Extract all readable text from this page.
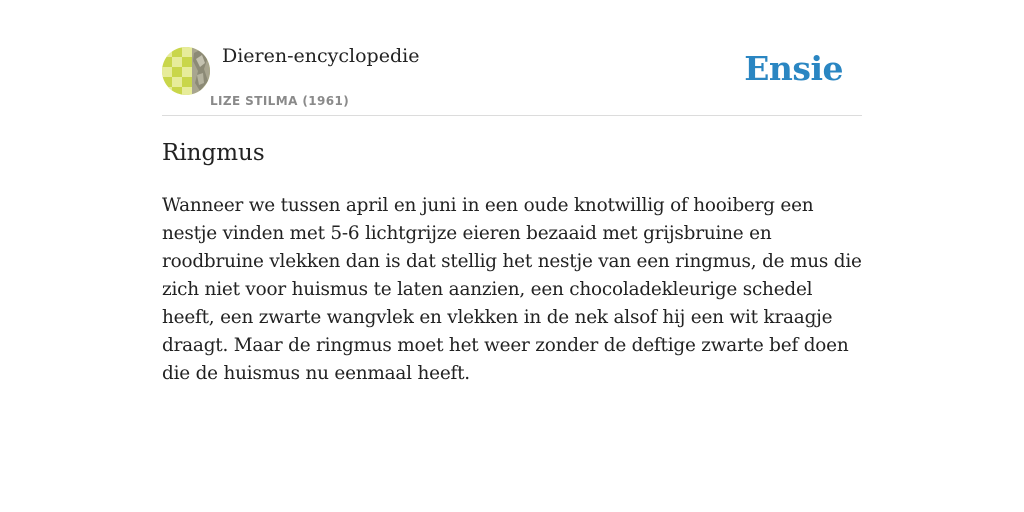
Dieren-encyclopedie
LIZE STILMA (1961)
Ensie
Ringmus

Wanneer we tussen april en juni in een oude knotwillig of hooiberg een nestje vinden met 5-6 lichtgrijze eieren bezaaid met grijsbruine en roodbruine vlekken dan is dat stellig het nestje van een ringmus, de mus die zich niet voor huismus te laten aanzien, een chocoladekleurige schedel heeft, een zwarte wangvlek en vlekken in de nek alsof hij een wit kraagje draagt. Maar de ringmus moet het weer zonder de deftige zwarte bef doen die de huismus nu eenmaal heeft.
